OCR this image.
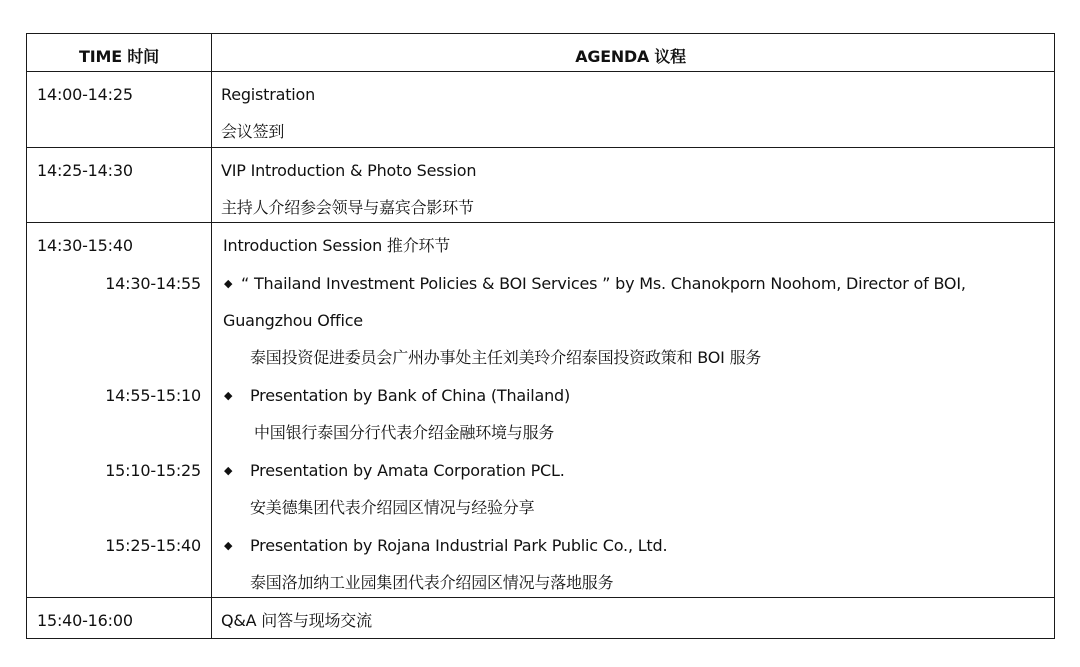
TIME 时间	AGENDA 议程
14:00-14:25	Registration
会议签到
14:25-14:30	VIP Introduction & Photo Session
主持人介绍参会领导与嘉宾合影环节
14:30-15:40	Introduction Session 推介环节
14:30-14:55 ◆ “ Thailand Investment Policies & BOI Services ” by Ms. Chanokporn Noohom, Director of BOI,
Guangzhou Office
泰国投资促进委员会广州办事处主任刘美玲介绍泰国投资政策和 BOI 服务
14:55-15:10 ◆ Presentation by Bank of China (Thailand)
中国银行泰国分行代表介绍金融环境与服务
15:10-15:25 ◆ Presentation by Amata Corporation PCL.
安美德集团代表介绍园区情况与经验分享
15:25-15:40 ◆ Presentation by Rojana Industrial Park Public Co., Ltd.
泰国洛加纳工业园集团代表介绍园区情况与落地服务
15:40-16:00	Q&A 问答与现场交流
